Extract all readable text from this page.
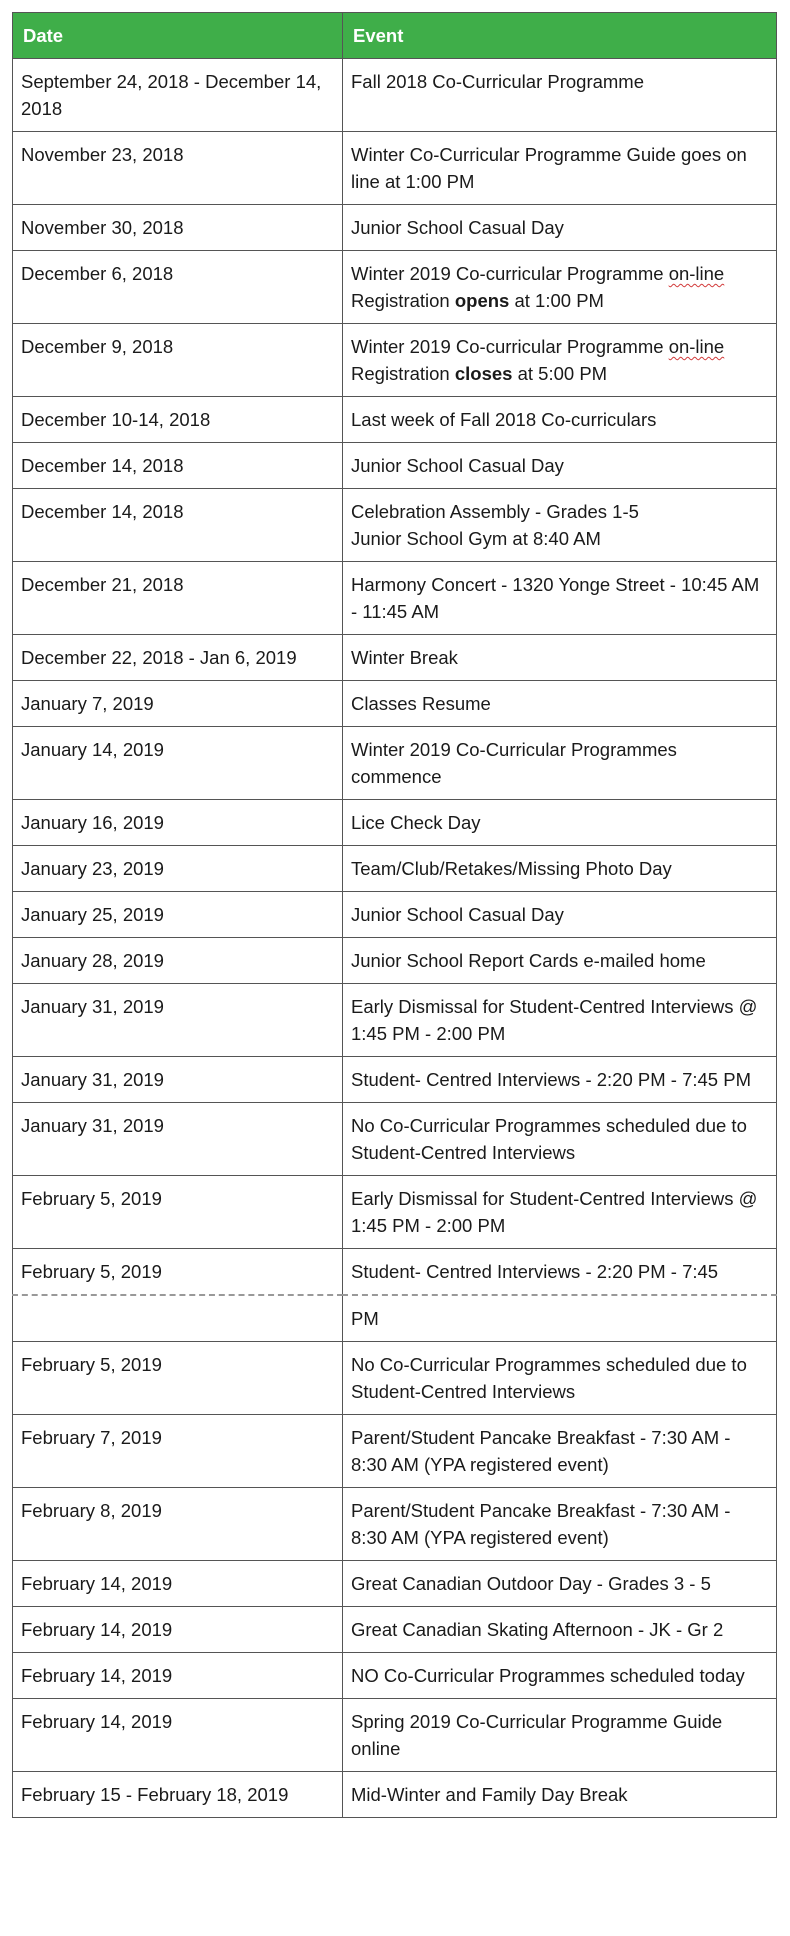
Date	Event
September 24, 2018 - December 14, 2018	Fall 2018 Co-Curricular Programme

November 23, 2018	Winter Co-Curricular Programme Guide goes on line at 1:00 PM

November 30, 2018	Junior School Casual Day

December 6, 2018	Winter 2019 Co-curricular Programme on-line
Registration opens at 1:00 PM

December 9, 2018	Winter 2019 Co-curricular Programme on-line
Registration closes at 5:00 PM

December 10-14, 2018	Last week of Fall 2018 Co-curriculars

December 14, 2018	Junior School Casual Day

December 14, 2018	Celebration Assembly - Grades 1-5
Junior School Gym at 8:40 AM

December 21, 2018	Harmony Concert - 1320 Yonge Street - 10:45 AM - 11:45 AM

December 22, 2018 - Jan 6, 2019	Winter Break

January 7, 2019	Classes Resume

January 14, 2019	Winter 2019 Co-Curricular Programmes commence

January 16, 2019	Lice Check Day

January 23, 2019	Team/Club/Retakes/Missing Photo Day

January 25, 2019	Junior School Casual Day

January 28, 2019	Junior School Report Cards e-mailed home

January 31, 2019	Early Dismissal for Student-Centred Interviews @ 1:45 PM - 2:00 PM

January 31, 2019	Student- Centred Interviews - 2:20 PM - 7:45 PM

January 31, 2019	No Co-Curricular Programmes scheduled due to Student-Centred Interviews

February 5, 2019	Early Dismissal for Student-Centred Interviews @ 1:45 PM - 2:00 PM

February 5, 2019	Student- Centred Interviews - 2:20 PM - 7:45
	PM
February 5, 2019	No Co-Curricular Programmes scheduled due to Student-Centred Interviews

February 7, 2019	Parent/Student Pancake Breakfast - 7:30 AM - 8:30 AM (YPA registered event)

February 8, 2019	Parent/Student Pancake Breakfast - 7:30 AM - 8:30 AM (YPA registered event)

February 14, 2019	Great Canadian Outdoor Day - Grades 3 - 5

February 14, 2019	Great Canadian Skating Afternoon - JK - Gr 2

February 14, 2019	NO Co-Curricular Programmes scheduled today

February 14, 2019	Spring 2019 Co-Curricular Programme Guide online

February 15 - February 18, 2019	Mid-Winter and Family Day Break
